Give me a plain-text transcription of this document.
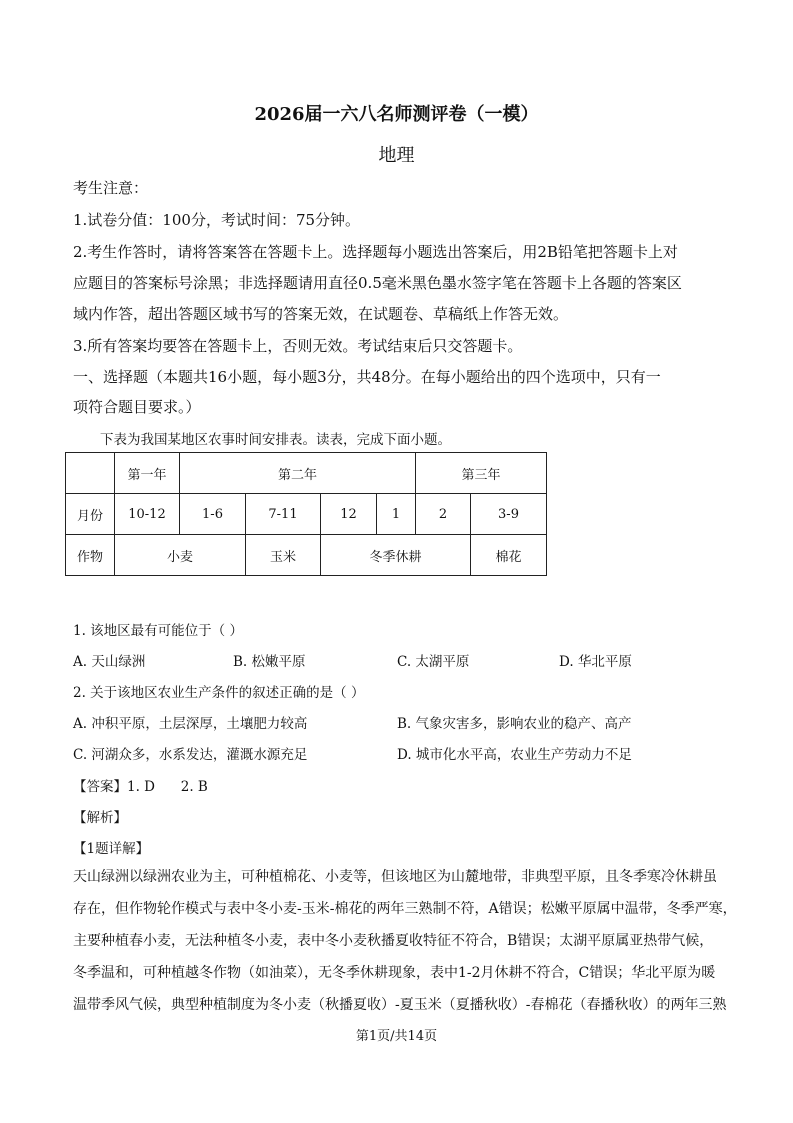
2026届一六八名师测评卷（一模）
地理
考生注意：
1.试卷分值：100分，考试时间：75分钟。
2.考生作答时，请将答案答在答题卡上。选择题每小题选出答案后，用2B铅笔把答题卡上对
应题目的答案标号涂黑；非选择题请用直径0.5毫米黑色墨水签字笔在答题卡上各题的答案区
域内作答，超出答题区域书写的答案无效，在试题卷、草稿纸上作答无效。
3.所有答案均要答在答题卡上，否则无效。考试结束后只交答题卡。
一、选择题（本题共16小题，每小题3分，共48分。在每小题给出的四个选项中，只有一
项符合题目要求。）
下表为我国某地区农事时间安排表。读表，完成下面小题。
	第一年	第二年				第三年	
月份	10-12	1-6	7-11	12	1	2	3-9
作物	小麦		玉米	冬季休耕			棉花
1. 该地区最有可能位于（ ）
A. 天山绿洲	B. 松嫩平原	C. 太湖平原	D. 华北平原
2. 关于该地区农业生产条件的叙述正确的是（ ）
A. 冲积平原，土层深厚，土壤肥力较高	B. 气象灾害多，影响农业的稳产、高产
C. 河湖众多，水系发达，灌溉水源充足	D. 城市化水平高，农业生产劳动力不足
【答案】1. D      2. B
【解析】
【1题详解】
天山绿洲以绿洲农业为主，可种植棉花、小麦等，但该地区为山麓地带，非典型平原，且冬季寒冷休耕虽
存在，但作物轮作模式与表中冬小麦-玉米-棉花的两年三熟制不符，A错误；松嫩平原属中温带，冬季严寒，
主要种植春小麦，无法种植冬小麦，表中冬小麦秋播夏收特征不符合，B错误；太湖平原属亚热带气候，
冬季温和，可种植越冬作物（如油菜），无冬季休耕现象，表中1-2月休耕不符合，C错误；华北平原为暖
温带季风气候，典型种植制度为冬小麦（秋播夏收）-夏玉米（夏播秋收）-春棉花（春播秋收）的两年三熟
第1页/共14页
